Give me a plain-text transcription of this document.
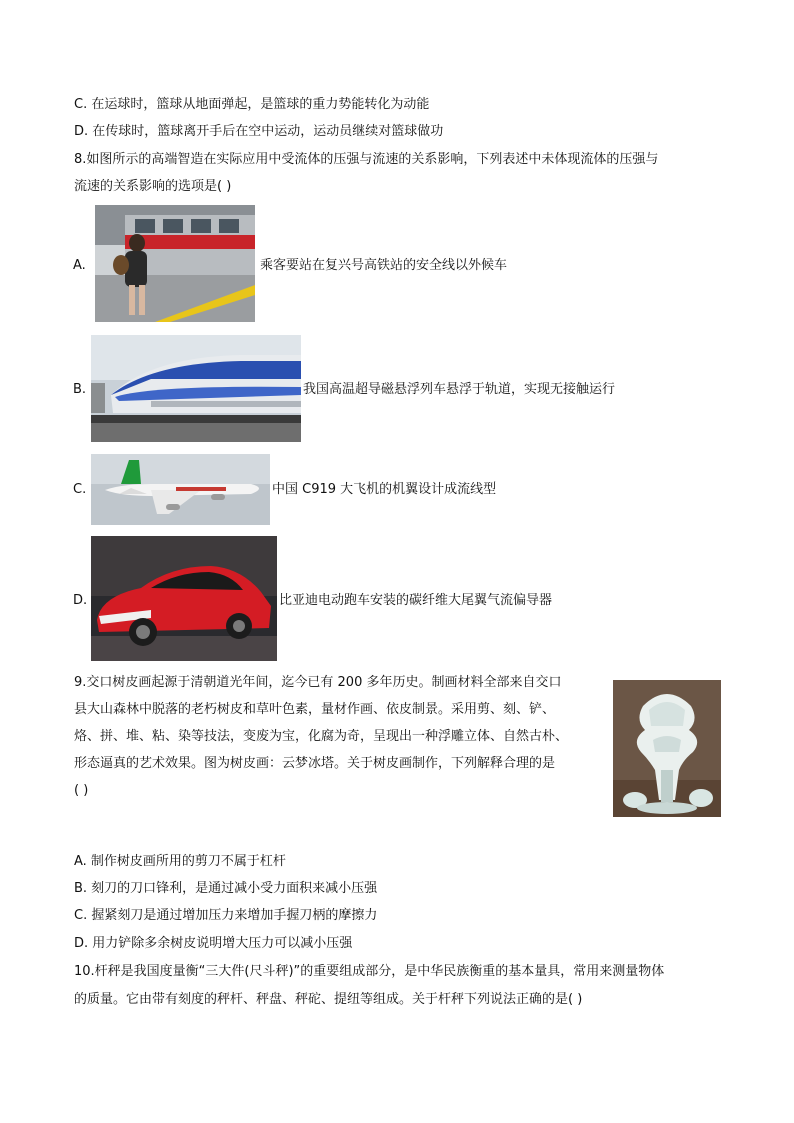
C. 在运球时，篮球从地面弹起，是篮球的重力势能转化为动能
D. 在传球时，篮球离开手后在空中运动，运动员继续对篮球做功
8.如图所示的高端智造在实际应用中受流体的压强与流速的关系影响，下列表述中未体现流体的压强与
流速的关系影响的选项是( )
A.	乘客要站在复兴号高铁站的安全线以外候车
B.	我国高温超导磁悬浮列车悬浮于轨道，实现无接触运行
C.	中国 C919 大飞机的机翼设计成流线型
D.	比亚迪电动跑车安装的碳纤维大尾翼气流偏导器
9.交口树皮画起源于清朝道光年间，迄今已有 200 多年历史。制画材料全部来自交口
县大山森林中脱落的老朽树皮和草叶色素，量材作画、依皮制景。采用剪、刻、铲、
烙、拼、堆、粘、染等技法，变废为宝，化腐为奇，呈现出一种浮雕立体、自然古朴、
形态逼真的艺术效果。图为树皮画：云梦冰塔。关于树皮画制作，下列解释合理的是
( )
A. 制作树皮画所用的剪刀不属于杠杆
B. 刻刀的刀口锋利，是通过减小受力面积来减小压强
C. 握紧刻刀是通过增加压力来增加手握刀柄的摩擦力
D. 用力铲除多余树皮说明增大压力可以减小压强
10.杆秤是我国度量衡“三大件(尺斗秤)”的重要组成部分，是中华民族衡重的基本量具，常用来测量物体
的质量。它由带有刻度的秤杆、秤盘、秤砣、提纽等组成。关于杆秤下列说法正确的是( )
